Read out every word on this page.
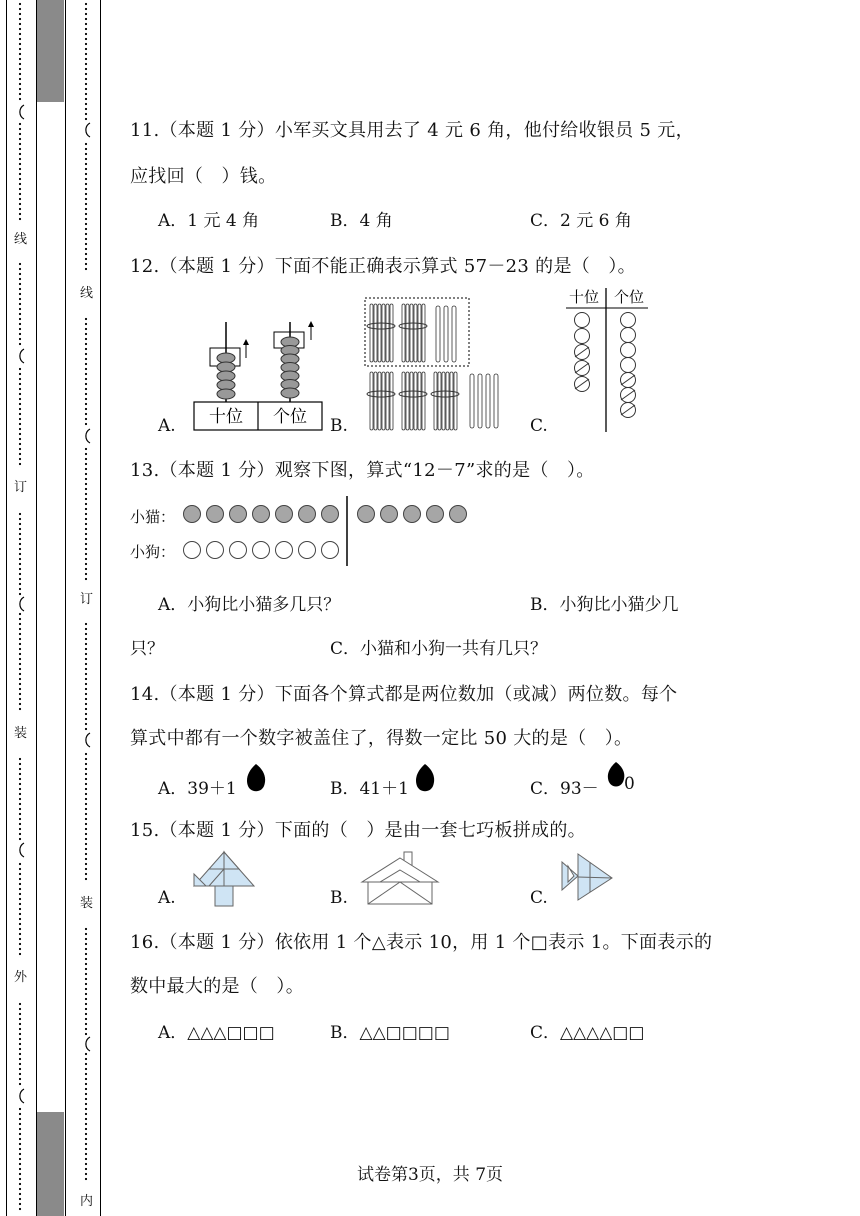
线
订
装
外
线
订
装
内
11.（本题 1 分）小军买文具用去了 4 元 6 角，他付给收银员 5 元，
应找回（　）钱。
A．1 元 4 角	B．4 角	C．2 元 6 角
12.（本题 1 分）下面不能正确表示算式 57－23 的是（　）。
A.	B.	C.
十位 个位
十位 个位
13.（本题 1 分）观察下图，算式“12－7”求的是（　）。
小猫：
小狗：
A．小狗比小猫多几只？	B．小狗比小猫少几
只？	C．小猫和小狗一共有几只？
14.（本题 1 分）下面各个算式都是两位数加（或减）两位数。每个
算式中都有一个数字被盖住了，得数一定比 50 大的是（　）。
A．39＋1	B．41＋1	C．93－ 0
15.（本题 1 分）下面的（　）是由一套七巧板拼成的。
A.	B.	C.
16.（本题 1 分）依依用 1 个△表示 10，用 1 个□表示 1。下面表示的
数中最大的是（　）。
A．△△△□□□	B．△△□□□□	C．△△△△□□
试卷第3页，共 7页
